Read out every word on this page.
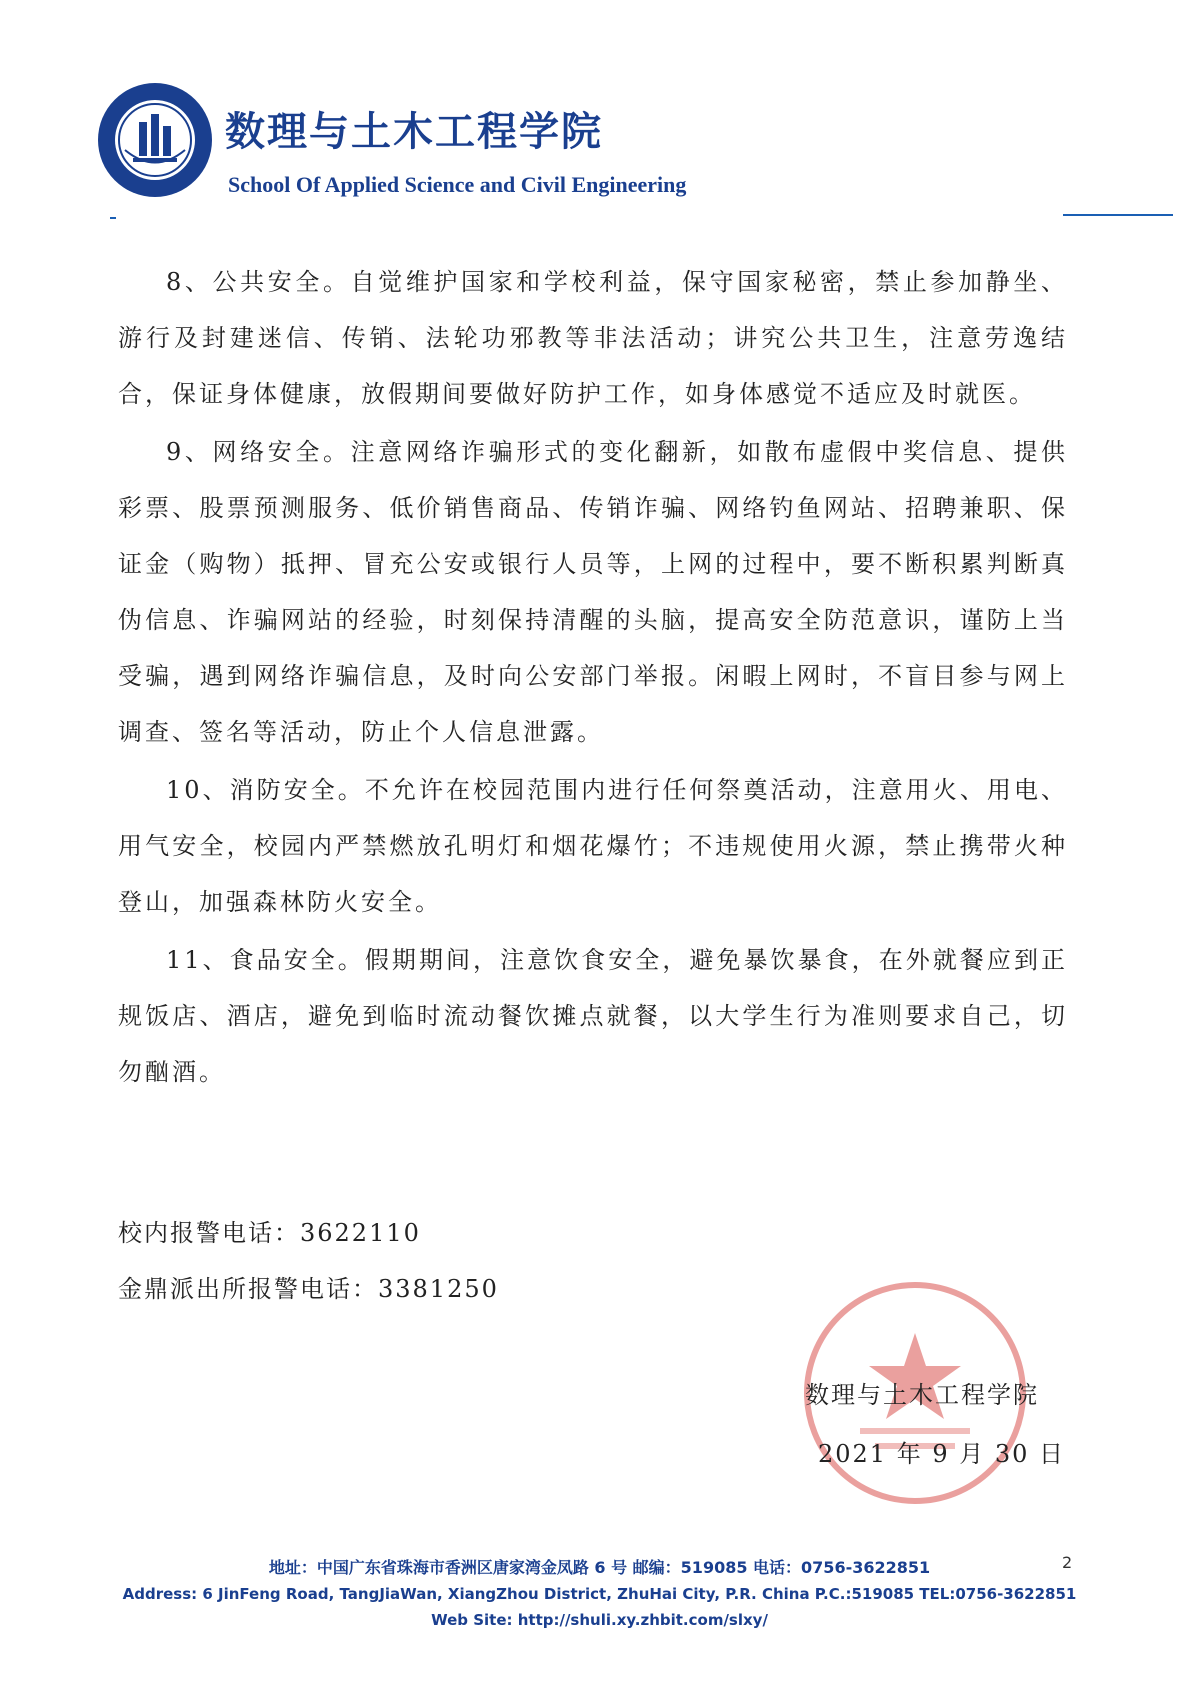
数理与土木工程学院
School Of Applied Science and Civil Engineering

8、公共安全。自觉维护国家和学校利益，保守国家秘密，禁止参加静坐、游行及封建迷信、传销、法轮功邪教等非法活动；讲究公共卫生，注意劳逸结合，保证身体健康，放假期间要做好防护工作，如身体感觉不适应及时就医。

9、网络安全。注意网络诈骗形式的变化翻新，如散布虚假中奖信息、提供彩票、股票预测服务、低价销售商品、传销诈骗、网络钓鱼网站、招聘兼职、保证金（购物）抵押、冒充公安或银行人员等，上网的过程中，要不断积累判断真伪信息、诈骗网站的经验，时刻保持清醒的头脑，提高安全防范意识，谨防上当受骗，遇到网络诈骗信息，及时向公安部门举报。闲暇上网时，不盲目参与网上调查、签名等活动，防止个人信息泄露。

10、消防安全。不允许在校园范围内进行任何祭奠活动，注意用火、用电、用气安全，校园内严禁燃放孔明灯和烟花爆竹；不违规使用火源，禁止携带火种登山，加强森林防火安全。

11、食品安全。假期期间，注意饮食安全，避免暴饮暴食，在外就餐应到正规饭店、酒店，避免到临时流动餐饮摊点就餐，以大学生行为准则要求自己，切勿酗酒。

校内报警电话：3622110
金鼎派出所报警电话：3381250
数理与土木工程学院
2021 年 9 月 30 日
2
地址：中国广东省珠海市香洲区唐家湾金凤路 6 号 邮编：519085 电话：0756-3622851
Address: 6 JinFeng Road, TangJiaWan, XiangZhou District, ZhuHai City, P.R. China P.C.:519085 TEL:0756-3622851
Web Site: http://shuli.xy.zhbit.com/slxy/
